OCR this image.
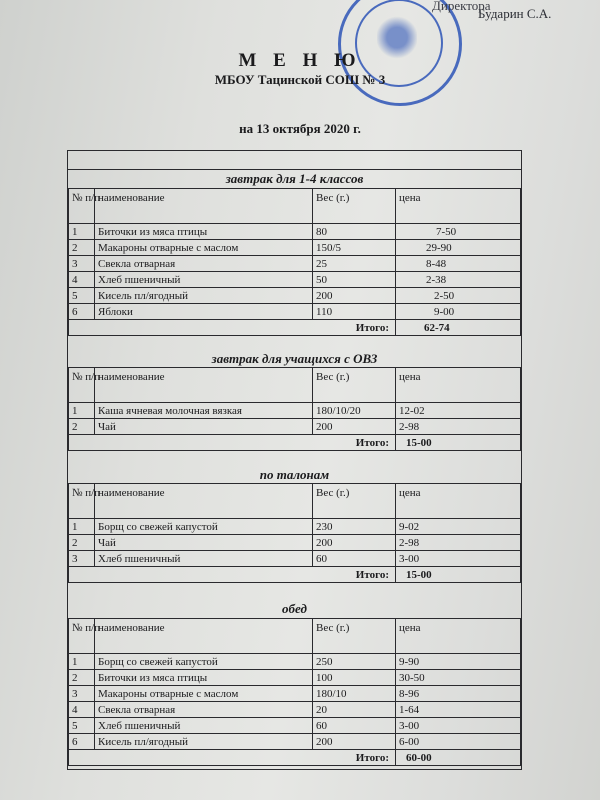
Директора
Бударин С.А.
М Е Н Ю
МБОУ Тацинской СОШ № 3
на 13 октября 2020 г.
завтрак для 1-4 классов
№ п/п	наименование	Вес (г.)	цена
1	Биточки из мяса птицы	80	7-50
2	Макароны отварные с маслом	150/5	29-90
3	Свекла отварная	25	8-48
4	Хлеб пшеничный	50	2-38
5	Кисель пл/ягодный	200	2-50
6	Яблоки	110	9-00
Итого:			62-74
завтрак для учащихся с ОВЗ
№ п/п	наименование	Вес (г.)	цена
1	Каша ячневая молочная вязкая	180/10/20	12-02
2	Чай	200	2-98
Итого:			15-00
по талонам
№ п/п	наименование	Вес (г.)	цена
1	Борщ со свежей капустой	230	9-02
2	Чай	200	2-98
3	Хлеб пшеничный	60	3-00
Итого:			15-00
обед
№ п/п	наименование	Вес (г.)	цена
1	Борщ со свежей капустой	250	9-90
2	Биточки из мяса птицы	100	30-50
3	Макароны отварные с маслом	180/10	8-96
4	Свекла отварная	20	1-64
5	Хлеб пшеничный	60	3-00
6	Кисель пл/ягодный	200	6-00
Итого:			60-00
